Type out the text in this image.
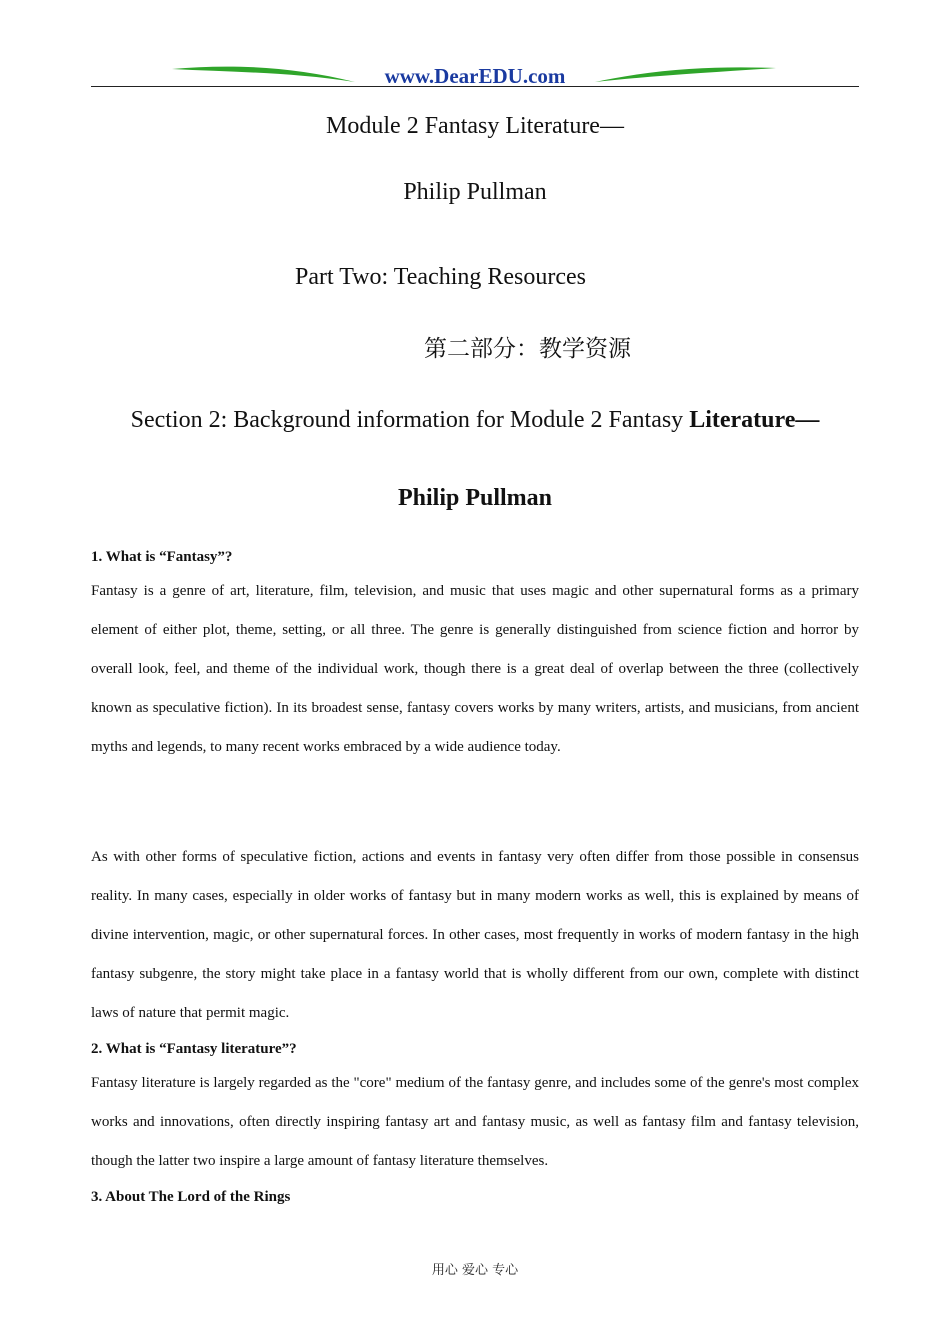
www.DearEDU.com
Module 2 Fantasy Literature—
Philip Pullman
Part Two: Teaching Resources
第二部分：教学资源
Section 2: Background information for Module 2 Fantasy Literature—
Philip Pullman
1. What is “Fantasy”?
Fantasy is a genre of art, literature, film, television, and music that uses magic and other supernatural forms as a primary element of either plot, theme, setting, or all three. The genre is generally distinguished from science fiction and horror by overall look, feel, and theme of the individual work, though there is a great deal of overlap between the three (collectively known as speculative fiction). In its broadest sense, fantasy covers works by many writers, artists, and musicians, from ancient myths and legends, to many recent works embraced by a wide audience today.
As with other forms of speculative fiction, actions and events in fantasy very often differ from those possible in consensus reality. In many cases, especially in older works of fantasy but in many modern works as well, this is explained by means of divine intervention, magic, or other supernatural forces. In other cases, most frequently in works of modern fantasy in the high fantasy subgenre, the story might take place in a fantasy world that is wholly different from our own, complete with distinct laws of nature that permit magic.
2. What is “Fantasy literature”?
Fantasy literature is largely regarded as the "core" medium of the fantasy genre, and includes some of the genre's most complex works and innovations, often directly inspiring fantasy art and fantasy music, as well as fantasy film and fantasy television, though the latter two inspire a large amount of fantasy literature themselves.
3. About The Lord of the Rings
用心 爱心 专心
